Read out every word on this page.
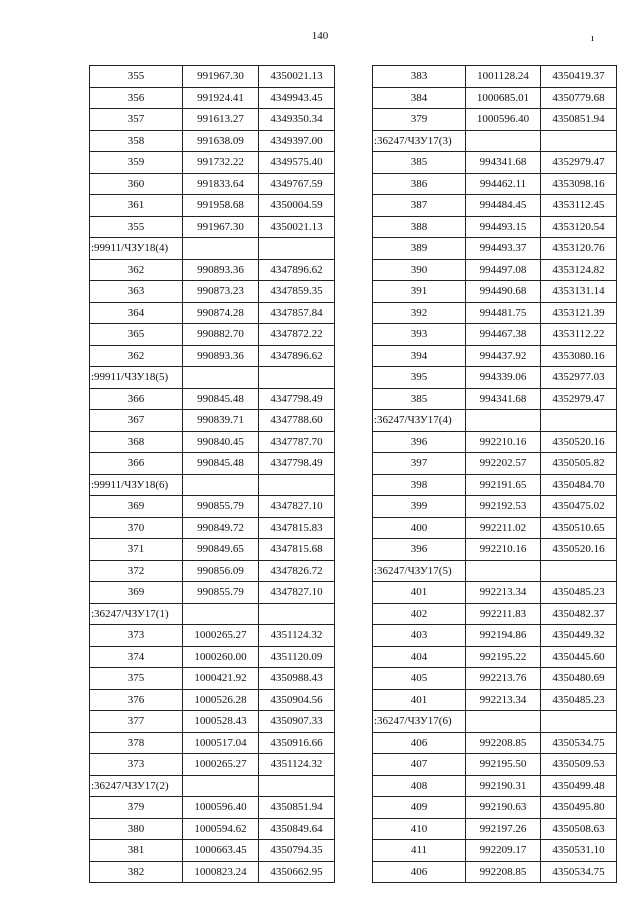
140	ı
355	991967.30	4350021.13
356	991924.41	4349943.45
357	991613.27	4349350.34
358	991638.09	4349397.00
359	991732.22	4349575.40
360	991833.64	4349767.59
361	991958.68	4350004.59
355	991967.30	4350021.13
:99911/ЧЗУ18(4)		
362	990893.36	4347896.62
363	990873.23	4347859.35
364	990874.28	4347857.84
365	990882.70	4347872.22
362	990893.36	4347896.62
:99911/ЧЗУ18(5)		
366	990845.48	4347798.49
367	990839.71	4347788.60
368	990840.45	4347787.70
366	990845.48	4347798.49
:99911/ЧЗУ18(6)		
369	990855.79	4347827.10
370	990849.72	4347815.83
371	990849.65	4347815.68
372	990856.09	4347826.72
369	990855.79	4347827.10
:36247/ЧЗУ17(1)		
373	1000265.27	4351124.32
374	1000260.00	4351120.09
375	1000421.92	4350988.43
376	1000526.28	4350904.56
377	1000528.43	4350907.33
378	1000517.04	4350916.66
373	1000265.27	4351124.32
:36247/ЧЗУ17(2)		
379	1000596.40	4350851.94
380	1000594.62	4350849.64
381	1000663.45	4350794.35
382	1000823.24	4350662.95
383	1001128.24	4350419.37
384	1000685.01	4350779.68
379	1000596.40	4350851.94
:36247/ЧЗУ17(3)		
385	994341.68	4352979.47
386	994462.11	4353098.16
387	994484.45	4353112.45
388	994493.15	4353120.54
389	994493.37	4353120.76
390	994497.08	4353124.82
391	994490.68	4353131.14
392	994481.75	4353121.39
393	994467.38	4353112.22
394	994437.92	4353080.16
395	994339.06	4352977.03
385	994341.68	4352979.47
:36247/ЧЗУ17(4)		
396	992210.16	4350520.16
397	992202.57	4350505.82
398	992191.65	4350484.70
399	992192.53	4350475.02
400	992211.02	4350510.65
396	992210.16	4350520.16
:36247/ЧЗУ17(5)		
401	992213.34	4350485.23
402	992211.83	4350482.37
403	992194.86	4350449.32
404	992195.22	4350445.60
405	992213.76	4350480.69
401	992213.34	4350485.23
:36247/ЧЗУ17(6)		
406	992208.85	4350534.75
407	992195.50	4350509.53
408	992190.31	4350499.48
409	992190.63	4350495.80
410	992197.26	4350508.63
411	992209.17	4350531.10
406	992208.85	4350534.75
